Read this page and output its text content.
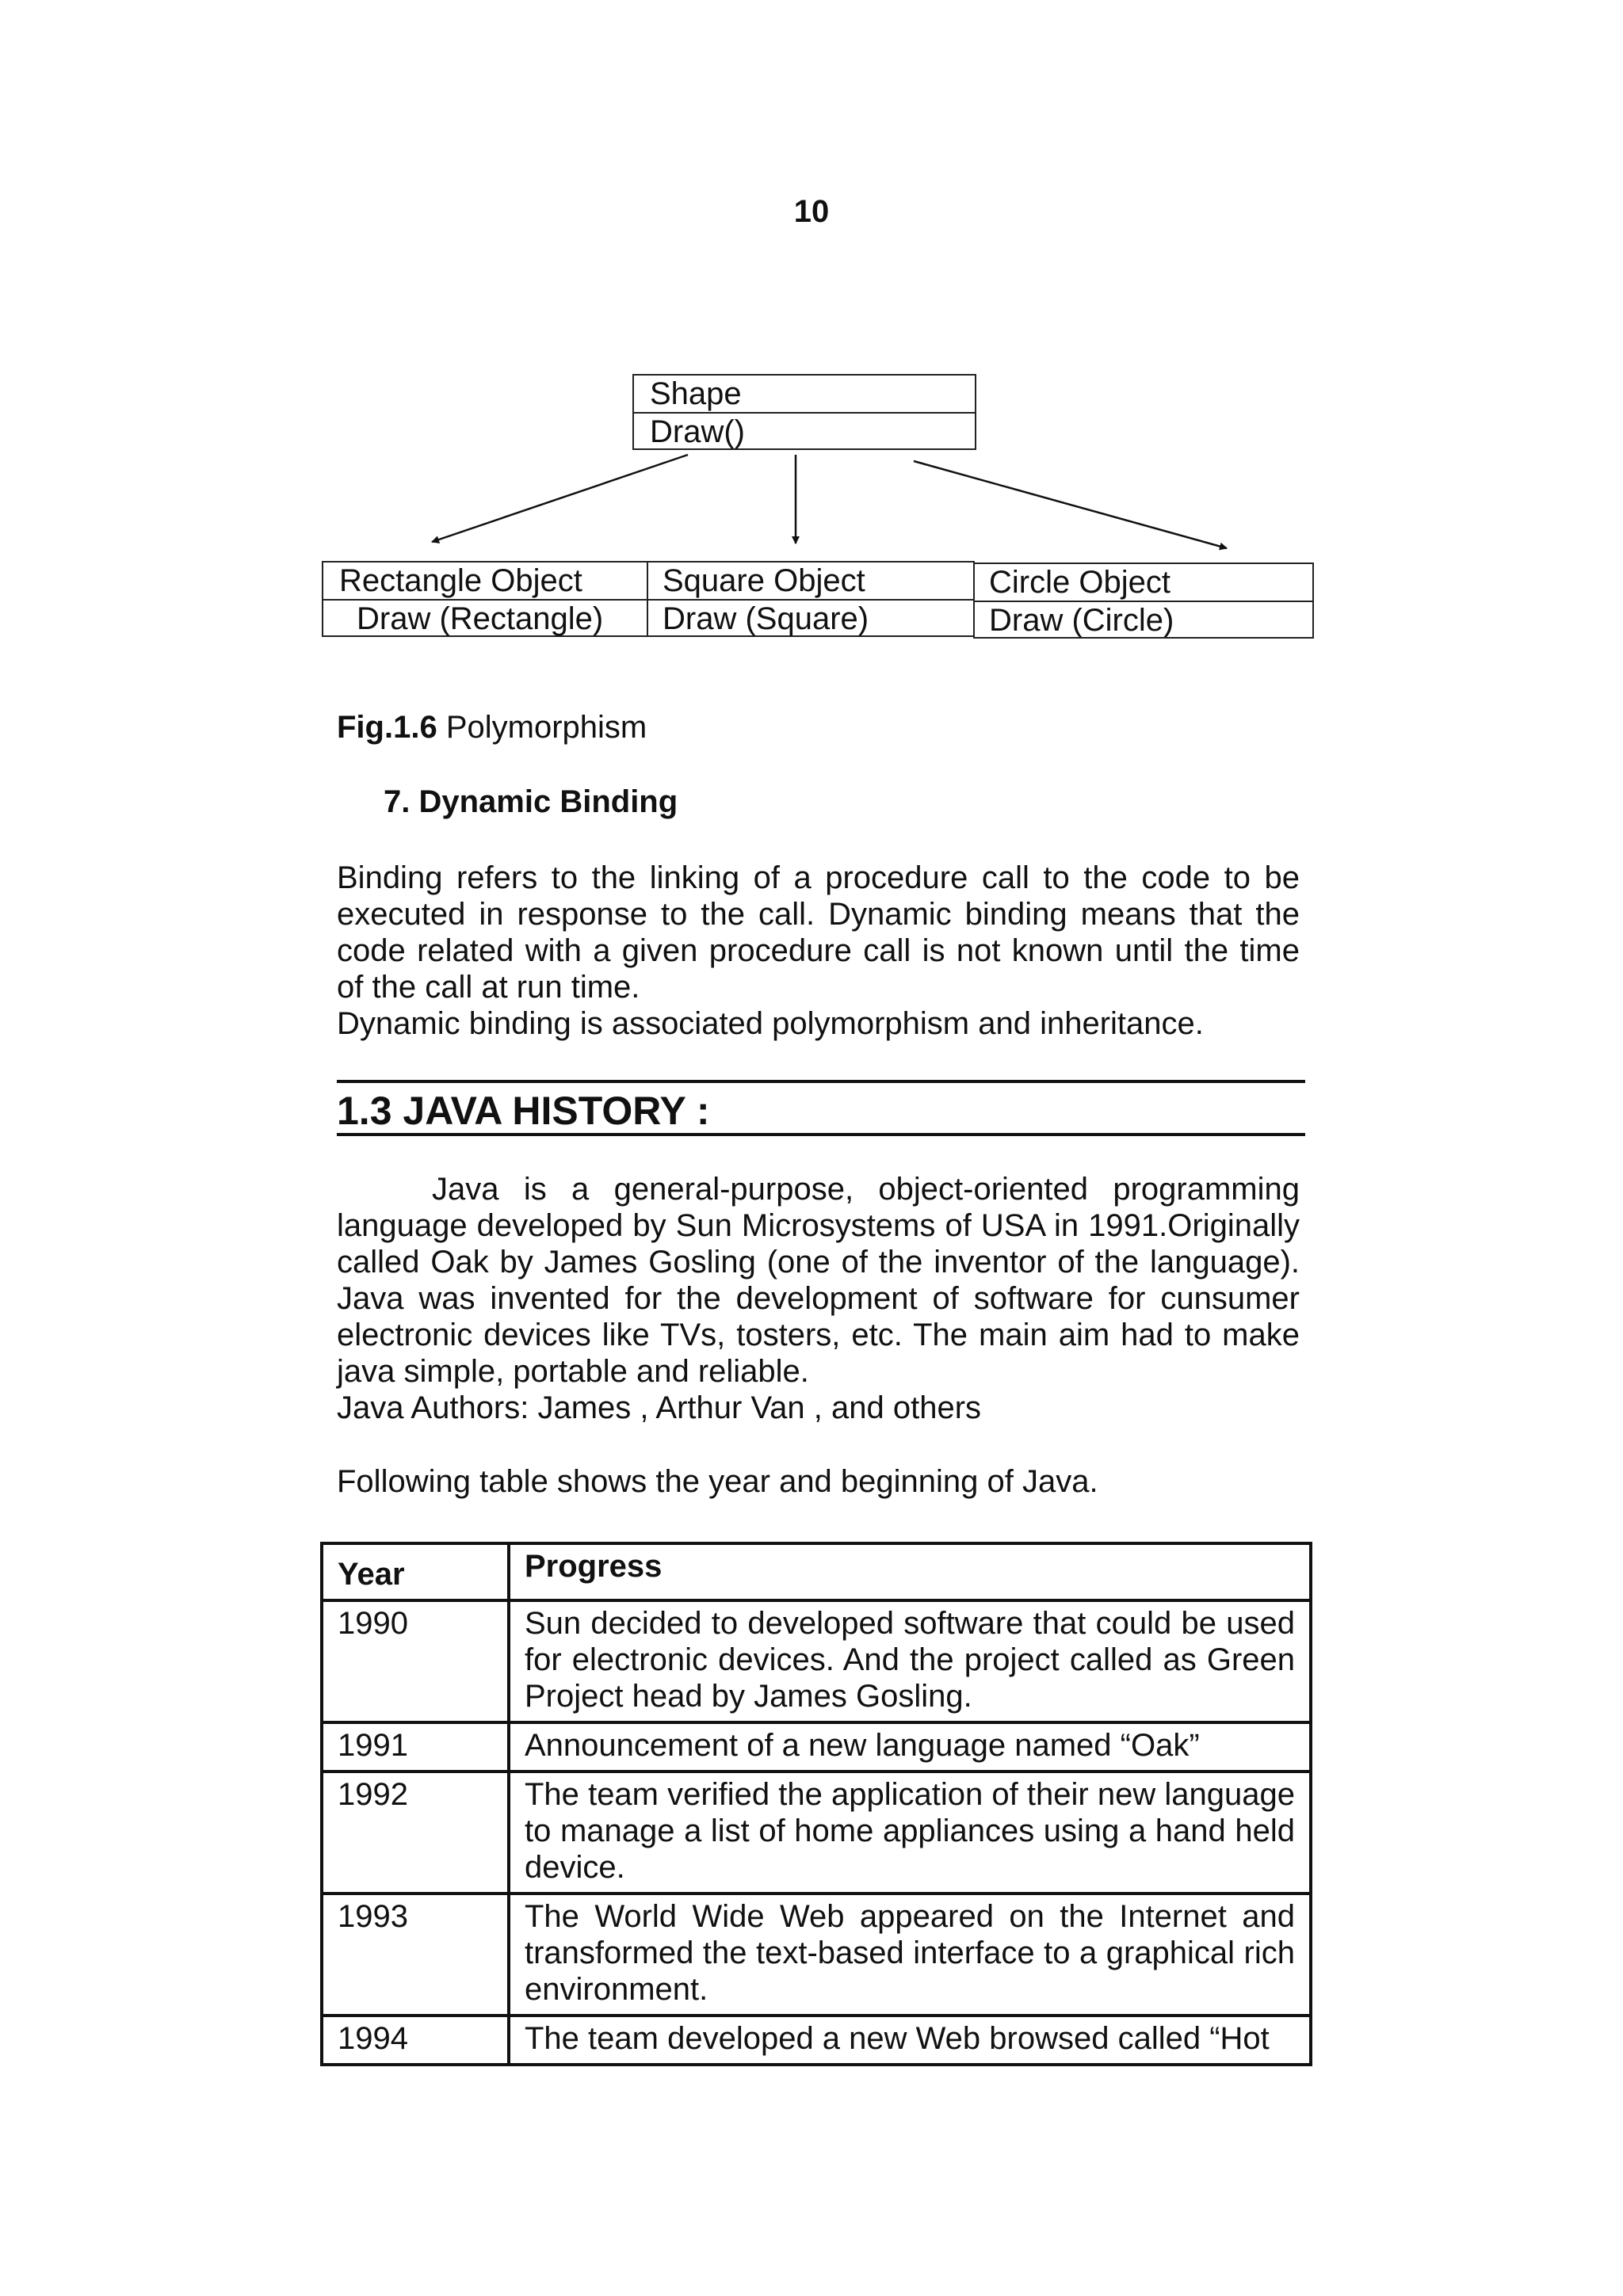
10
Shape
Draw()
Rectangle Object
Draw (Rectangle)
Square Object
Draw (Square)
Circle Object
Draw (Circle)
Fig.1.6 Polymorphism
7. Dynamic Binding

Binding refers to the linking of a procedure call to the code to be executed in response to the call. Dynamic binding means that the code related with a given procedure call is not known until the time of the call at run time.

Dynamic binding is associated polymorphism and inheritance.

1.3 JAVA HISTORY :

Java is a general-purpose, object-oriented programming language developed by Sun Microsystems of USA in 1991.Originally called Oak by James Gosling (one of the inventor of the language). Java was invented for the development of software for cunsumer electronic devices like TVs, tosters, etc. The main aim had to make java simple, portable and reliable.

Java Authors: James , Arthur Van , and others

Following table shows the year and beginning of Java.
Year	Progress
1990	Sun decided to developed software that could be used for electronic devices. And the project called as Green Project head by James Gosling.
1991	Announcement of a new language named “Oak”
1992	The team verified the application of their new language to manage a list of home appliances using a hand held device.
1993	The World Wide Web appeared on the Internet and transformed the text-based interface to a graphical rich environment.
1994	The team developed a new Web browsed called “Hot
